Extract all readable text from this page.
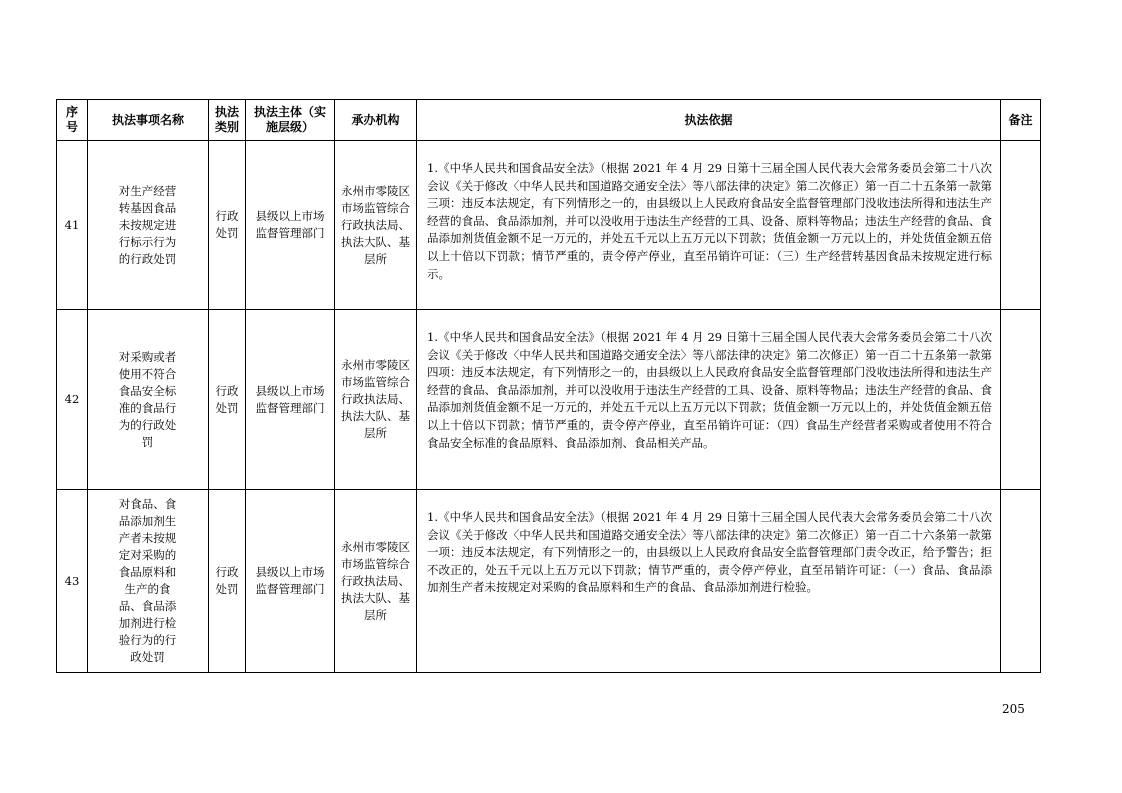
序号	执法事项名称	执法类别	执法主体（实施层级）	承办机构	执法依据	备注

41	对生产经营转基因食品未按规定进行标示行为的行政处罚	行政处罚	县级以上市场监督管理部门	永州市零陵区市场监管综合行政执法局、执法大队、基层所	1.《中华人民共和国食品安全法》（根据 2021 年 4 月 29 日第十三届全国人民代表大会常务委员会第二十八次会议《关于修改〈中华人民共和国道路交通安全法〉等八部法律的决定》第二次修正）第一百二十五条第一款第三项：违反本法规定，有下列情形之一的，由县级以上人民政府食品安全监督管理部门没收违法所得和违法生产经营的食品、食品添加剂，并可以没收用于违法生产经营的工具、设备、原料等物品；违法生产经营的食品、食品添加剂货值金额不足一万元的，并处五千元以上五万元以下罚款；货值金额一万元以上的，并处货值金额五倍以上十倍以下罚款；情节严重的，责令停产停业，直至吊销许可证：（三）生产经营转基因食品未按规定进行标示。	

42	对采购或者使用不符合食品安全标准的食品行为的行政处罚	行政处罚	县级以上市场监督管理部门	永州市零陵区市场监管综合行政执法局、执法大队、基层所	1.《中华人民共和国食品安全法》（根据 2021 年 4 月 29 日第十三届全国人民代表大会常务委员会第二十八次会议《关于修改〈中华人民共和国道路交通安全法〉等八部法律的决定》第二次修正）第一百二十五条第一款第四项：违反本法规定，有下列情形之一的，由县级以上人民政府食品安全监督管理部门没收违法所得和违法生产经营的食品、食品添加剂，并可以没收用于违法生产经营的工具、设备、原料等物品；违法生产经营的食品、食品添加剂货值金额不足一万元的，并处五千元以上五万元以下罚款；货值金额一万元以上的，并处货值金额五倍以上十倍以下罚款；情节严重的，责令停产停业，直至吊销许可证：（四）食品生产经营者采购或者使用不符合食品安全标准的食品原料、食品添加剂、食品相关产品。	

43	对食品、食品添加剂生产者未按规定对采购的食品原料和生产的食品、食品添加剂进行检验行为的行政处罚	行政处罚	县级以上市场监督管理部门	永州市零陵区市场监管综合行政执法局、执法大队、基层所	1.《中华人民共和国食品安全法》（根据 2021 年 4 月 29 日第十三届全国人民代表大会常务委员会第二十八次会议《关于修改〈中华人民共和国道路交通安全法〉等八部法律的决定》第二次修正）第一百二十六条第一款第一项：违反本法规定，有下列情形之一的，由县级以上人民政府食品安全监督管理部门责令改正，给予警告；拒不改正的，处五千元以上五万元以下罚款；情节严重的，责令停产停业，直至吊销许可证：（一）食品、食品添加剂生产者未按规定对采购的食品原料和生产的食品、食品添加剂进行检验。	

205
